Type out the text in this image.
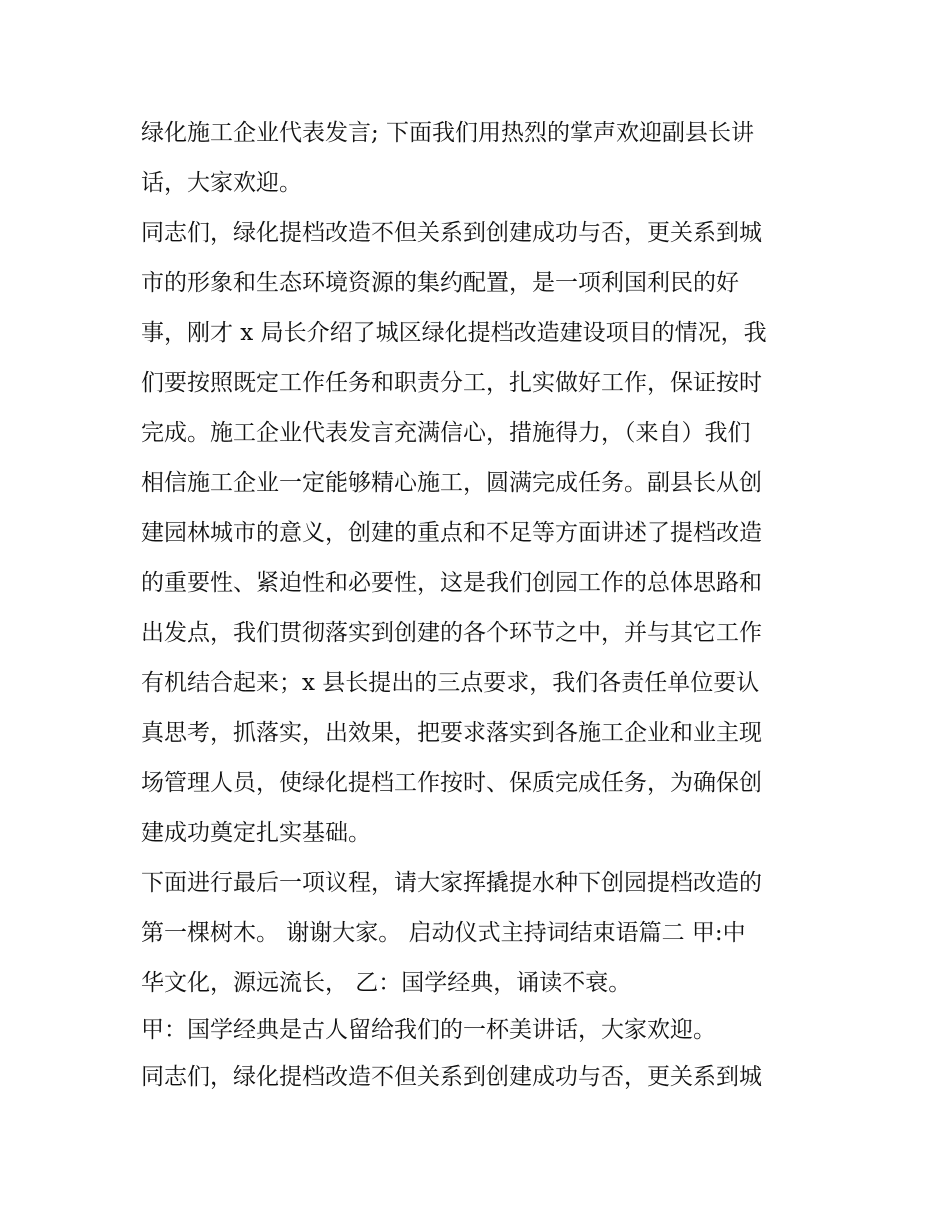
绿化施工企业代表发言; 下面我们用热烈的掌声欢迎副县长讲

话，大家欢迎。

同志们，绿化提档改造不但关系到创建成功与否，更关系到城

市的形象和生态环境资源的集约配置，是一项利国利民的好

事，刚才 x 局长介绍了城区绿化提档改造建设项目的情况，我

们要按照既定工作任务和职责分工，扎实做好工作，保证按时

完成。施工企业代表发言充满信心，措施得力，（来自）我们

相信施工企业一定能够精心施工，圆满完成任务。副县长从创

建园林城市的意义，创建的重点和不足等方面讲述了提档改造

的重要性、紧迫性和必要性，这是我们创园工作的总体思路和

出发点，我们贯彻落实到创建的各个环节之中，并与其它工作

有机结合起来；x 县长提出的三点要求，我们各责任单位要认

真思考，抓落实，出效果，把要求落实到各施工企业和业主现

场管理人员，使绿化提档工作按时、保质完成任务，为确保创

建成功奠定扎实基础。

下面进行最后一项议程，请大家挥撬提水种下创园提档改造的

第一棵树木。 谢谢大家。 启动仪式主持词结束语篇二 甲:中

华文化，源远流长， 乙：国学经典，诵读不衰。

甲：国学经典是古人留给我们的一杯美讲话，大家欢迎。

同志们，绿化提档改造不但关系到创建成功与否，更关系到城
